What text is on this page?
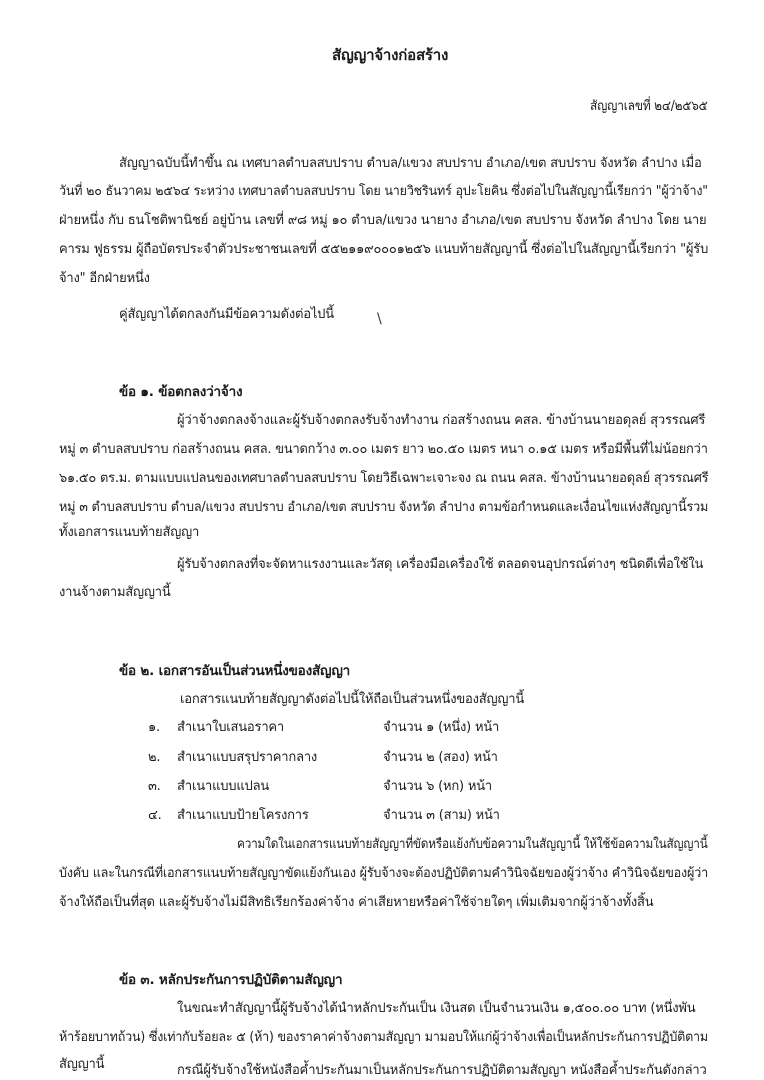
สัญญาจ้างก่อสร้าง
สัญญาเลขที่ ๒๔/๒๕๖๕
สัญญาฉบับนี้ทำขึ้น ณ เทศบาลตำบลสบปราบ ตำบล/แขวง สบปราบ อำเภอ/เขต สบปราบ จังหวัด ลำปาง เมื่อ
วันที่ ๒๐ ธันวาคม ๒๕๖๔ ระหว่าง เทศบาลตำบลสบปราบ โดย นายวิชรินทร์ อุปะโยคิน ซึ่งต่อไปในสัญญานี้เรียกว่า "ผู้ว่าจ้าง"
ฝ่ายหนึ่ง กับ ธนโชติพานิชย์ อยู่บ้าน เลขที่ ๙๘ หมู่ ๑๐ ตำบล/แขวง นายาง อำเภอ/เขต สบปราบ จังหวัด ลำปาง โดย นาย
คารม ฟูธรรม ผู้ถือบัตรประจำตัวประชาชนเลขที่ ๕๕๒๑๑๙๐๐๐๑๒๕๖ แนบท้ายสัญญานี้ ซึ่งต่อไปในสัญญานี้เรียกว่า "ผู้รับ
จ้าง" อีกฝ่ายหนึ่ง
คู่สัญญาได้ตกลงกันมีข้อความดังต่อไปนี้	\
ข้อ ๑. ข้อตกลงว่าจ้าง
ผู้ว่าจ้างตกลงจ้างและผู้รับจ้างตกลงรับจ้างทำงาน ก่อสร้างถนน คสล. ข้างบ้านนายอดุลย์ สุวรรณศรี
หมู่ ๓ ตำบลสบปราบ ก่อสร้างถนน คสล. ขนาดกว้าง ๓.๐๐ เมตร ยาว ๒๐.๕๐ เมตร หนา ๐.๑๕ เมตร หรือมีพื้นที่ไม่น้อยกว่า
๖๑.๕๐ ตร.ม. ตามแบบแปลนของเทศบาลตำบลสบปราบ โดยวิธีเฉพาะเจาะจง ณ ถนน คสล. ข้างบ้านนายอดุลย์ สุวรรณศรี
หมู่ ๓ ตำบลสบปราบ ตำบล/แขวง สบปราบ อำเภอ/เขต สบปราบ จังหวัด ลำปาง ตามข้อกำหนดและเงื่อนไขแห่งสัญญานี้รวม
ทั้งเอกสารแนบท้ายสัญญา
ผู้รับจ้างตกลงที่จะจัดหาแรงงานและวัสดุ เครื่องมือเครื่องใช้ ตลอดจนอุปกรณ์ต่างๆ ชนิดดีเพื่อใช้ใน
งานจ้างตามสัญญานี้
ข้อ ๒. เอกสารอันเป็นส่วนหนึ่งของสัญญา
เอกสารแนบท้ายสัญญาดังต่อไปนี้ให้ถือเป็นส่วนหนึ่งของสัญญานี้
๑. สำเนาใบเสนอราคา	จำนวน ๑ (หนึ่ง) หน้า
๒. สำเนาแบบสรุปราคากลาง	จำนวน ๒ (สอง) หน้า
๓. สำเนาแบบแปลน	จำนวน ๖ (หก) หน้า
๔. สำเนาแบบป้ายโครงการ	จำนวน ๓ (สาม) หน้า
ความใดในเอกสารแนบท้ายสัญญาที่ขัดหรือแย้งกับข้อความในสัญญานี้ ให้ใช้ข้อความในสัญญานี้
บังคับ และในกรณีที่เอกสารแนบท้ายสัญญาขัดแย้งกันเอง ผู้รับจ้างจะต้องปฏิบัติตามคำวินิจฉัยของผู้ว่าจ้าง คำวินิจฉัยของผู้ว่า
จ้างให้ถือเป็นที่สุด และผู้รับจ้างไม่มีสิทธิเรียกร้องค่าจ้าง ค่าเสียหายหรือค่าใช้จ่ายใดๆ เพิ่มเติมจากผู้ว่าจ้างทั้งสิ้น
ข้อ ๓. หลักประกันการปฏิบัติตามสัญญา
ในขณะทำสัญญานี้ผู้รับจ้างได้นำหลักประกันเป็น เงินสด เป็นจำนวนเงิน ๑,๕๐๐.๐๐ บาท (หนึ่งพัน
ห้าร้อยบาทถ้วน) ซึ่งเท่ากับร้อยละ ๕ (ห้า) ของราคาค่าจ้างตามสัญญา มามอบให้แก่ผู้ว่าจ้างเพื่อเป็นหลักประกันการปฏิบัติตาม
สัญญานี้	กรณีผู้รับจ้างใช้หนังสือค้ำประกันมาเป็นหลักประกันการปฏิบัติตามสัญญา หนังสือค้ำประกันดังกล่าว
